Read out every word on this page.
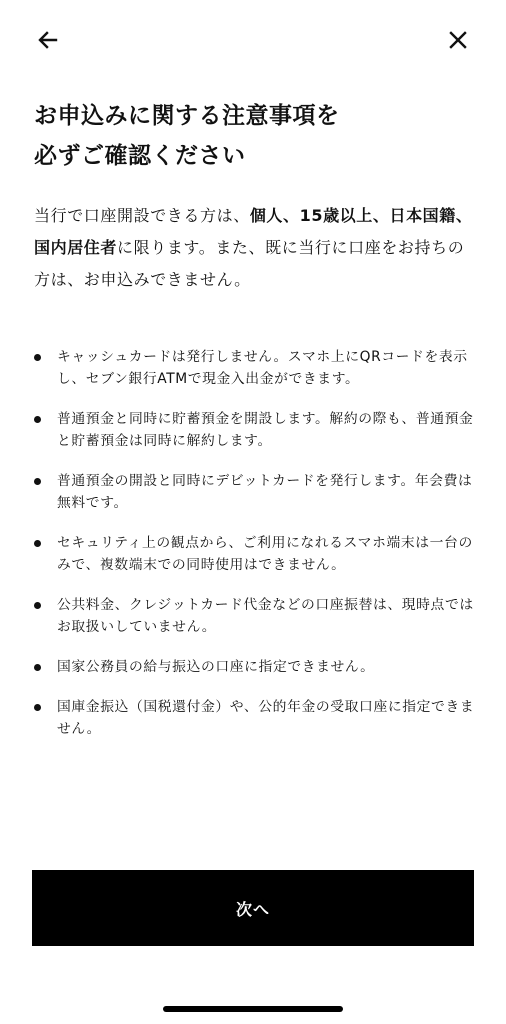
お申込みに関する注意事項を
必ずご確認ください

当行で口座開設できる方は、個人、15歳以上、日本国籍、国内居住者に限ります。また、既に当行に口座をお持ちの方は、お申込みできません。

キャッシュカードは発行しません。スマホ上にQRコードを表示し、セブン銀行ATMで現金入出金ができます。
普通預金と同時に貯蓄預金を開設します。解約の際も、普通預金と貯蓄預金は同時に解約します。
普通預金の開設と同時にデビットカードを発行します。年会費は無料です。
セキュリティ上の観点から、ご利用になれるスマホ端末は一台のみで、複数端末での同時使用はできません。
公共料金、クレジットカード代金などの口座振替は、現時点ではお取扱いしていません。
国家公務員の給与振込の口座に指定できません。
国庫金振込（国税還付金）や、公的年金の受取口座に指定できません。
次へ
